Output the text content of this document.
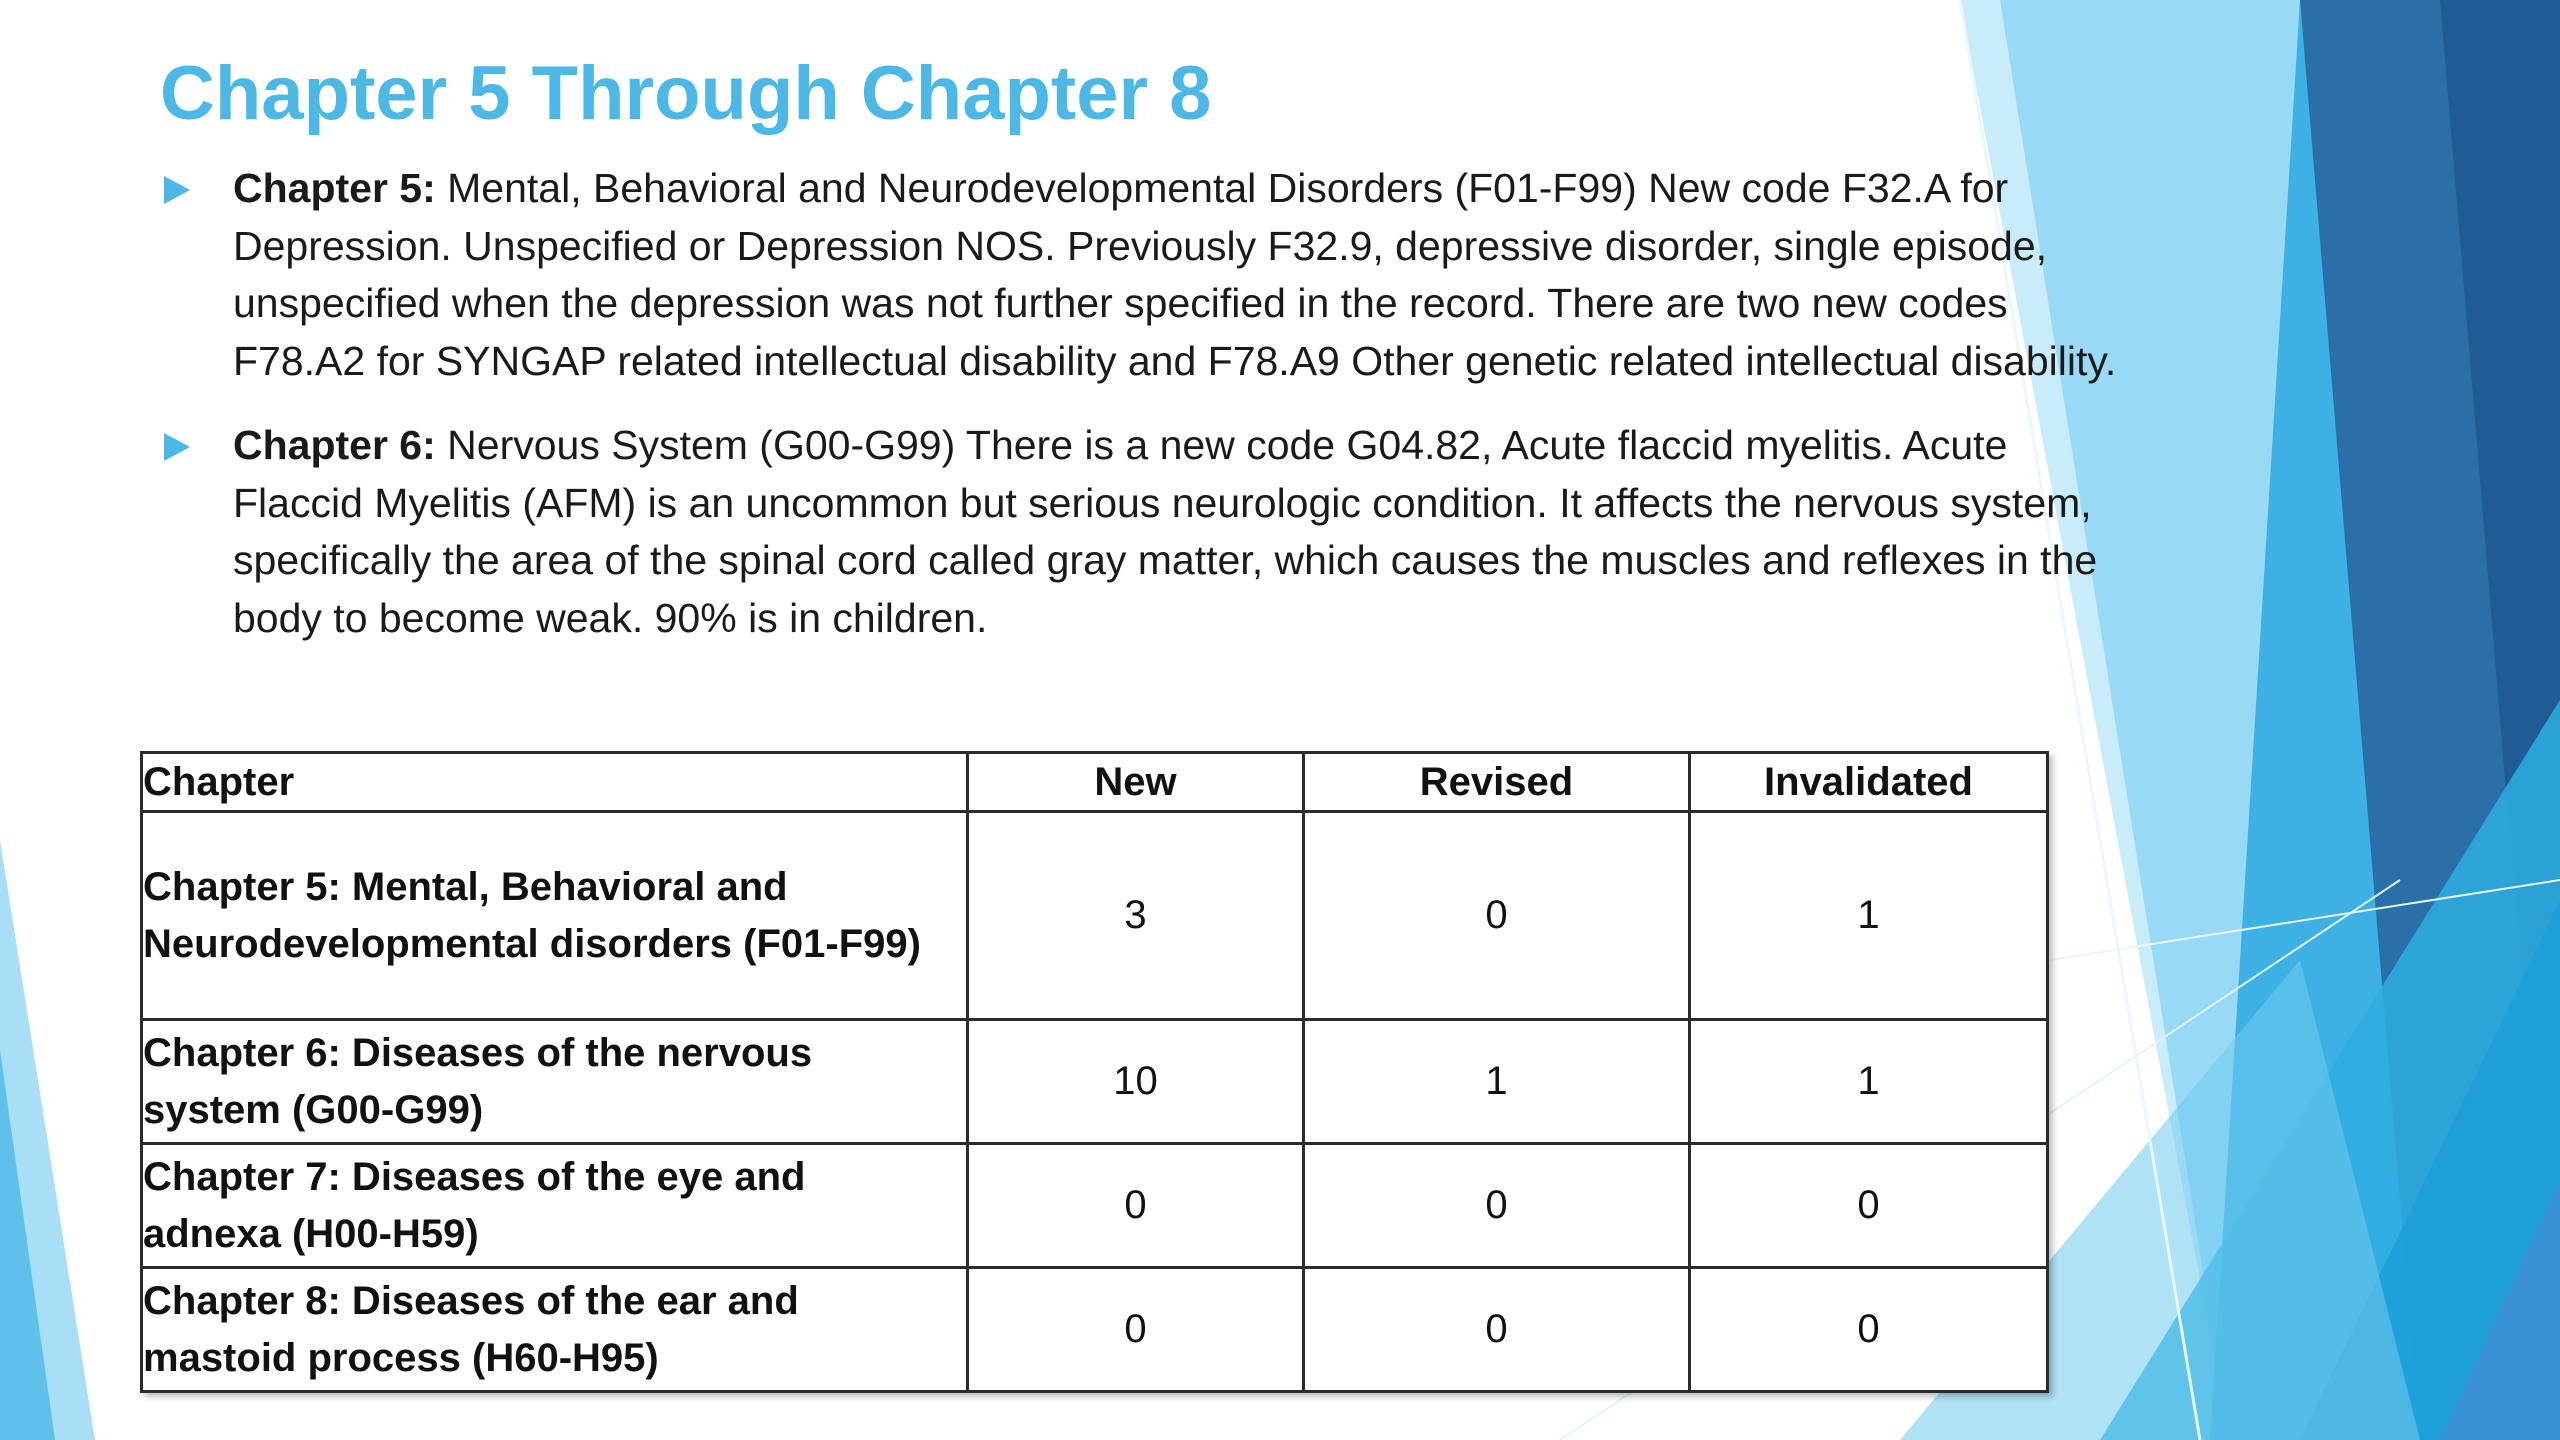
Chapter 5 Through Chapter 8
Chapter 5: Mental, Behavioral and Neurodevelopmental Disorders (F01-F99) New code F32.A for Depression. Unspecified or Depression NOS. Previously F32.9, depressive disorder, single episode, unspecified when the depression was not further specified in the record. There are two new codes F78.A2 for SYNGAP related intellectual disability and F78.A9 Other genetic related intellectual disability.
Chapter 6: Nervous System (G00-G99) There is a new code G04.82, Acute flaccid myelitis. Acute Flaccid Myelitis (AFM) is an uncommon but serious neurologic condition. It affects the nervous system, specifically the area of the spinal cord called gray matter, which causes the muscles and reflexes in the body to become weak. 90% is in children.
Chapter	New	Revised	Invalidated
Chapter 5: Mental, Behavioral and
Neurodevelopmental disorders (F01-F99)	3	0	1
Chapter 6: Diseases of the nervous
system (G00-G99)	10	1	1
Chapter 7: Diseases of the eye and
adnexa (H00-H59)	0	0	0
Chapter 8: Diseases of the ear and
mastoid process (H60-H95)	0	0	0
